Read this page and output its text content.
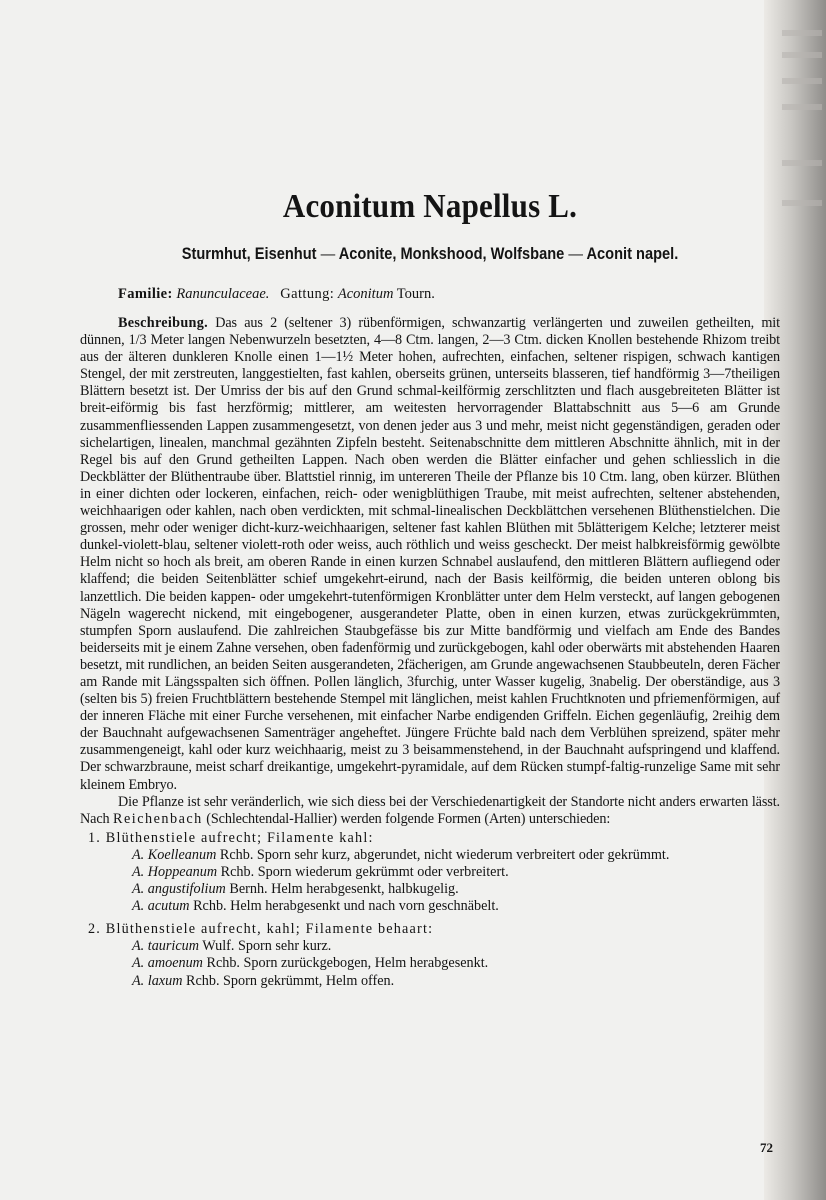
Aconitum Napellus L.
Sturmhut, Eisenhut — Aconite, Monkshood, Wolfsbane — Aconit napel.
Familie: Ranunculaceae. Gattung: Aconitum Tourn.

Beschreibung. Das aus 2 (seltener 3) rübenförmigen, schwanzartig verlängerten und zuweilen getheilten, mit dünnen, 1/3 Meter langen Nebenwurzeln besetzten, 4—8 Ctm. langen, 2—3 Ctm. dicken Knollen bestehende Rhizom treibt aus der älteren dunkleren Knolle einen 1—1½ Meter hohen, aufrechten, einfachen, seltener rispigen, schwach kantigen Stengel, der mit zerstreuten, langgestielten, fast kahlen, oberseits grünen, unterseits blasseren, tief handförmig 3—7theiligen Blättern besetzt ist. Der Umriss der bis auf den Grund schmal-keilförmig zerschlitzten und flach ausgebreiteten Blätter ist breit-eiförmig bis fast herzförmig; mittlerer, am weitesten hervorragender Blattabschnitt aus 5—6 am Grunde zusammenfliessenden Lappen zusammengesetzt, von denen jeder aus 3 und mehr, meist nicht gegenständigen, geraden oder sichelartigen, linealen, manchmal gezähnten Zipfeln besteht. Seitenabschnitte dem mittleren Abschnitte ähnlich, mit in der Regel bis auf den Grund getheilten Lappen. Nach oben werden die Blätter einfacher und gehen schliesslich in die Deckblätter der Blüthentraube über. Blattstiel rinnig, im untereren Theile der Pflanze bis 10 Ctm. lang, oben kürzer. Blüthen in einer dichten oder lockeren, einfachen, reich- oder wenigblüthigen Traube, mit meist aufrechten, seltener abstehenden, weichhaarigen oder kahlen, nach oben verdickten, mit schmal-linealischen Deckblättchen versehenen Blüthenstielchen. Die grossen, mehr oder weniger dicht-kurz-weichhaarigen, seltener fast kahlen Blüthen mit 5blätterigem Kelche; letzterer meist dunkel-violett-blau, seltener violett-roth oder weiss, auch röthlich und weiss gescheckt. Der meist halbkreisförmig gewölbte Helm nicht so hoch als breit, am oberen Rande in einen kurzen Schnabel auslaufend, den mittleren Blättern aufliegend oder klaffend; die beiden Seitenblätter schief umgekehrt-eirund, nach der Basis keilförmig, die beiden unteren oblong bis lanzettlich. Die beiden kappen- oder umgekehrt-tutenförmigen Kronblätter unter dem Helm versteckt, auf langen gebogenen Nägeln wagerecht nickend, mit eingebogener, ausgerandeter Platte, oben in einen kurzen, etwas zurückgekrümmten, stumpfen Sporn auslaufend. Die zahlreichen Staubgefässe bis zur Mitte bandförmig und vielfach am Ende des Bandes beiderseits mit je einem Zahne versehen, oben fadenförmig und zurückgebogen, kahl oder oberwärts mit abstehenden Haaren besetzt, mit rundlichen, an beiden Seiten ausgerandeten, 2fächerigen, am Grunde angewachsenen Staubbeuteln, deren Fächer am Rande mit Längsspalten sich öffnen. Pollen länglich, 3furchig, unter Wasser kugelig, 3nabelig. Der oberständige, aus 3 (selten bis 5) freien Fruchtblättern bestehende Stempel mit länglichen, meist kahlen Fruchtknoten und pfriemenförmigen, auf der inneren Fläche mit einer Furche versehenen, mit einfacher Narbe endigenden Griffeln. Eichen gegenläufig, 2reihig dem der Bauchnaht aufgewachsenen Samenträger angeheftet. Jüngere Früchte bald nach dem Verblühen spreizend, später mehr zusammengeneigt, kahl oder kurz weichhaarig, meist zu 3 beisammenstehend, in der Bauchnaht aufspringend und klaffend. Der schwarzbraune, meist scharf dreikantige, umgekehrt-pyramidale, auf dem Rücken stumpf-faltig-runzelige Same mit sehr kleinem Embryo.

Die Pflanze ist sehr veränderlich, wie sich diess bei der Verschiedenartigkeit der Standorte nicht anders erwarten lässt. Nach Reichenbach (Schlechtendal-Hallier) werden folgende Formen (Arten) unterschieden:

1. Blüthenstiele aufrecht; Filamente kahl:
A. Koelleanum Rchb. Sporn sehr kurz, abgerundet, nicht wiederum verbreitert oder gekrümmt.
A. Hoppeanum Rchb. Sporn wiederum gekrümmt oder verbreitert.
A. angustifolium Bernh. Helm herabgesenkt, halbkugelig.
A. acutum Rchb. Helm herabgesenkt und nach vorn geschnäbelt.
2. Blüthenstiele aufrecht, kahl; Filamente behaart:
A. tauricum Wulf. Sporn sehr kurz.
A. amoenum Rchb. Sporn zurückgebogen, Helm herabgesenkt.
A. laxum Rchb. Sporn gekrümmt, Helm offen.
72
